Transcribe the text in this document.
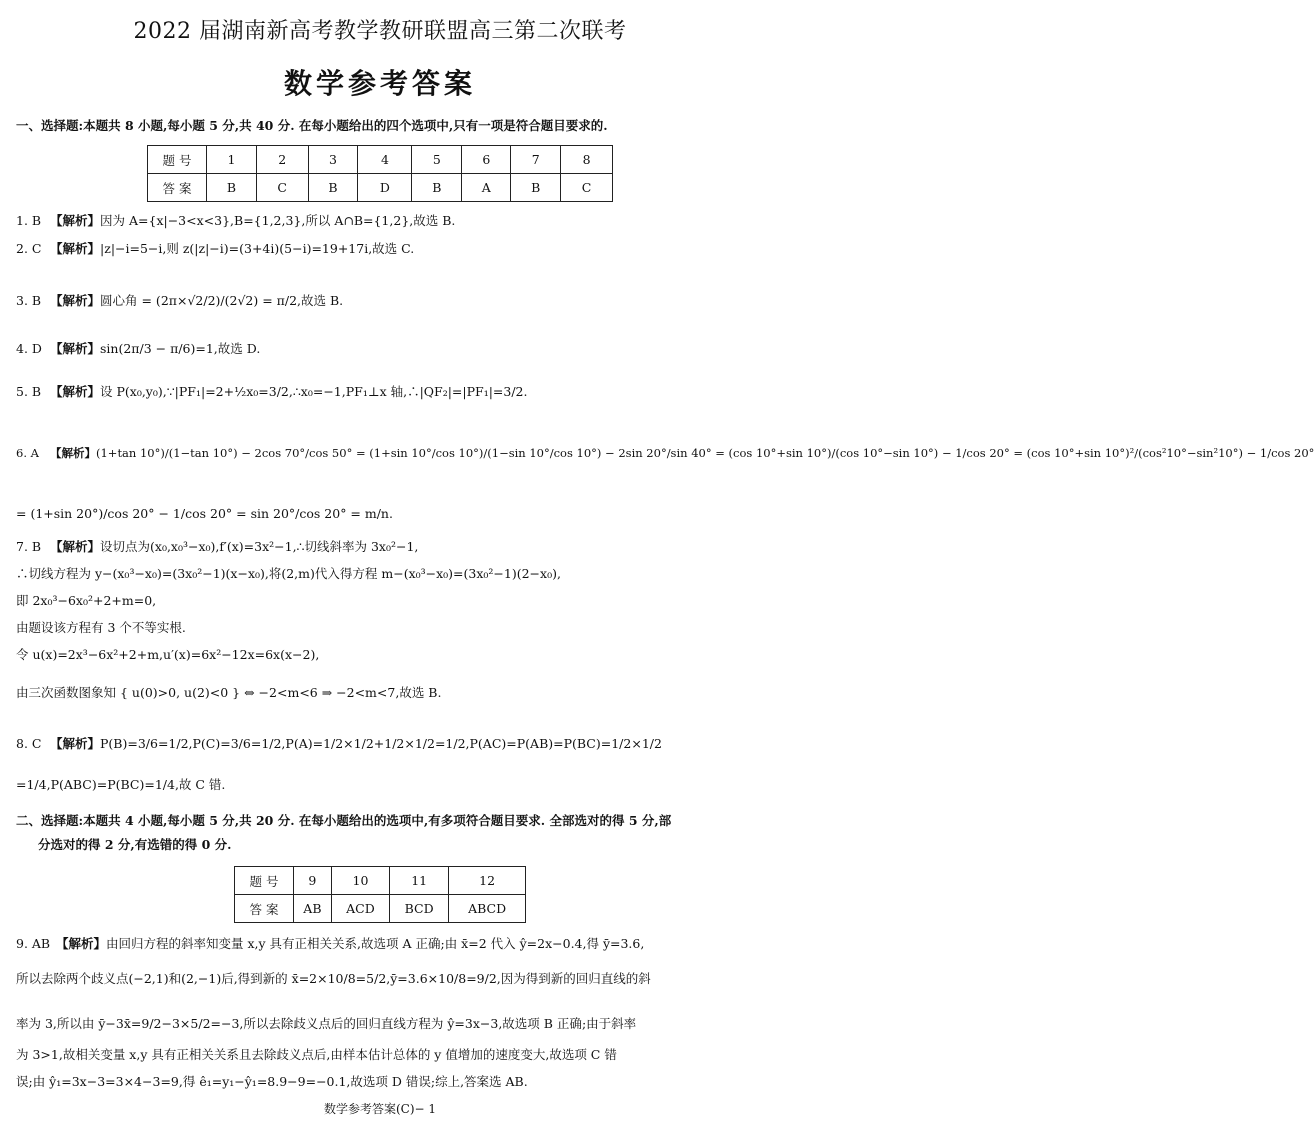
2022 届湖南新高考教学教研联盟高三第二次联考
数学参考答案
一、选择题:本题共 8 小题,每小题 5 分,共 40 分. 在每小题给出的四个选项中,只有一项是符合题目要求的.
题 号	1	2	3	4	5	6	7	8
答 案	B	C	B	D	B	A	B	C
1. B 【解析】因为 A={x|−3<x<3},B={1,2,3},所以 A∩B={1,2},故选 B.
2. C 【解析】|z|−i=5−i,则 z(|z|−i)=(3+4i)(5−i)=19+17i,故选 C.
3. B 【解析】圆心角 = (2π×√2/2)/(2√2) = π/2,故选 B.
4. D 【解析】sin(2π/3 − π/6)=1,故选 D.
5. B 【解析】设 P(x₀,y₀),∵|PF₁|=2+½x₀=3/2,∴x₀=−1,PF₁⊥x 轴,∴|QF₂|=|PF₁|=3/2.
6. A 【解析】(1+tan 10°)/(1−tan 10°) − 2cos 70°/cos 50° = (1+sin 10°/cos 10°)/(1−sin 10°/cos 10°) − 2sin 20°/sin 40° = (cos 10°+sin 10°)/(cos 10°−sin 10°) − 1/cos 20° = (cos 10°+sin 10°)²/(cos²10°−sin²10°) − 1/cos 20°
= (1+sin 20°)/cos 20° − 1/cos 20° = sin 20°/cos 20° = m/n.
7. B 【解析】设切点为(x₀,x₀³−x₀),f′(x)=3x²−1,∴切线斜率为 3x₀²−1,
∴切线方程为 y−(x₀³−x₀)=(3x₀²−1)(x−x₀),将(2,m)代入得方程 m−(x₀³−x₀)=(3x₀²−1)(2−x₀),
即 2x₀³−6x₀²+2+m=0,
由题设该方程有 3 个不等实根.
令 u(x)=2x³−6x²+2+m,u′(x)=6x²−12x=6x(x−2),
由三次函数图象知 { u(0)>0, u(2)<0 } ⇔ −2<m<6 ⇒ −2<m<7,故选 B.
8. C 【解析】P(B)=3/6=1/2,P(C)=3/6=1/2,P(A)=1/2×1/2+1/2×1/2=1/2,P(AC)=P(AB)=P(BC)=1/2×1/2
=1/4,P(ABC)=P(BC)=1/4,故 C 错.
二、选择题:本题共 4 小题,每小题 5 分,共 20 分. 在每小题给出的选项中,有多项符合题目要求. 全部选对的得 5 分,部
分选对的得 2 分,有选错的得 0 分.
题 号	9	10	11	12
答 案	AB	ACD	BCD	ABCD
9. AB 【解析】由回归方程的斜率知变量 x,y 具有正相关关系,故选项 A 正确;由 x̄=2 代入 ŷ=2x−0.4,得 ȳ=3.6,
所以去除两个歧义点(−2,1)和(2,−1)后,得到新的 x̄=2×10/8=5/2,ȳ=3.6×10/8=9/2,因为得到新的回归直线的斜
率为 3,所以由 ȳ−3x̄=9/2−3×5/2=−3,所以去除歧义点后的回归直线方程为 ŷ=3x−3,故选项 B 正确;由于斜率
为 3>1,故相关变量 x,y 具有正相关关系且去除歧义点后,由样本估计总体的 y 值增加的速度变大,故选项 C 错
误;由 ŷ₁=3x−3=3×4−3=9,得 ê₁=y₁−ŷ₁=8.9−9=−0.1,故选项 D 错误;综上,答案选 AB.
数学参考答案(C)− 1
